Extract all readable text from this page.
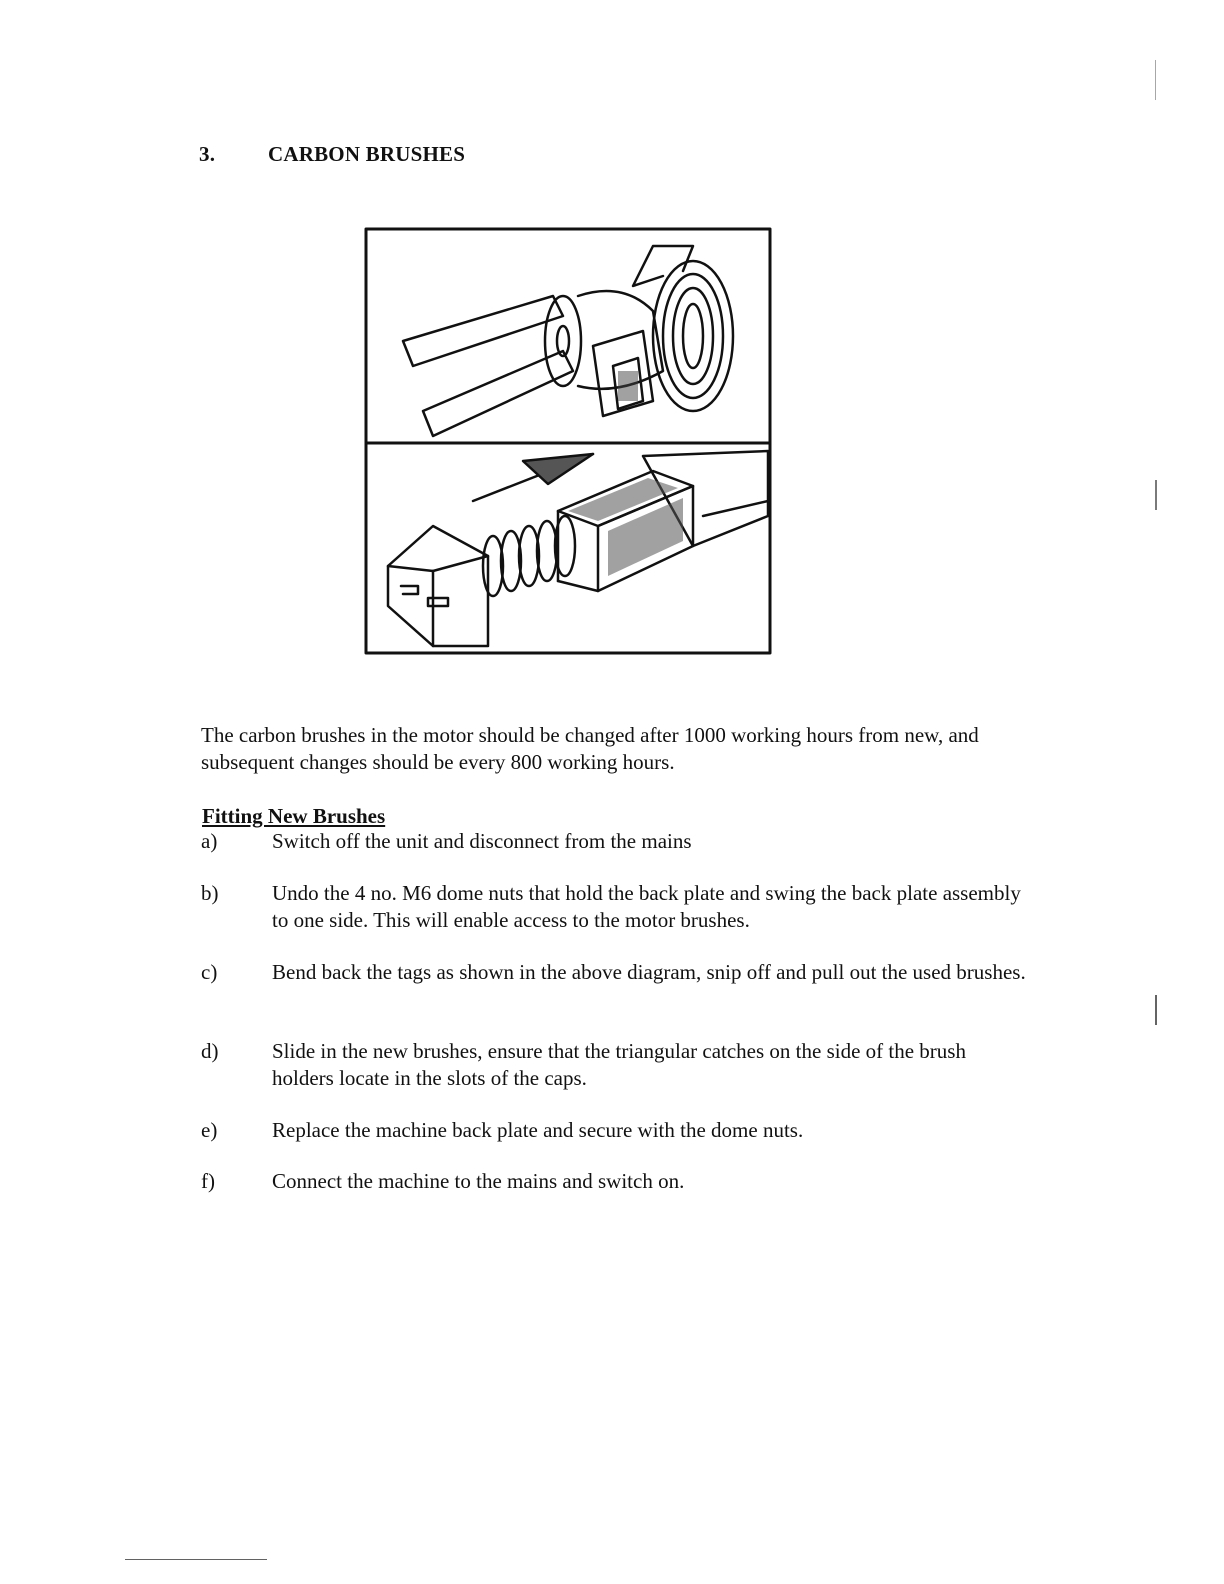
3.	CARBON BRUSHES
The carbon brushes in the motor should be changed after 1000 working hours from new, and subsequent changes should be every 800 working hours.
Fitting New Brushes
a)	Switch off the unit and disconnect from the mains
b)	Undo the 4 no. M6 dome nuts that hold the back plate and swing the back plate assembly to one side. This will enable access to the motor brushes.
c)	Bend back the tags as shown in the above diagram, snip off and pull out the used brushes.
d)	Slide in the new brushes, ensure that the triangular catches on the side of the brush holders locate in the slots of the caps.
e)	Replace the machine back plate and secure with the dome nuts.
f)	Connect the machine to the mains and switch on.
